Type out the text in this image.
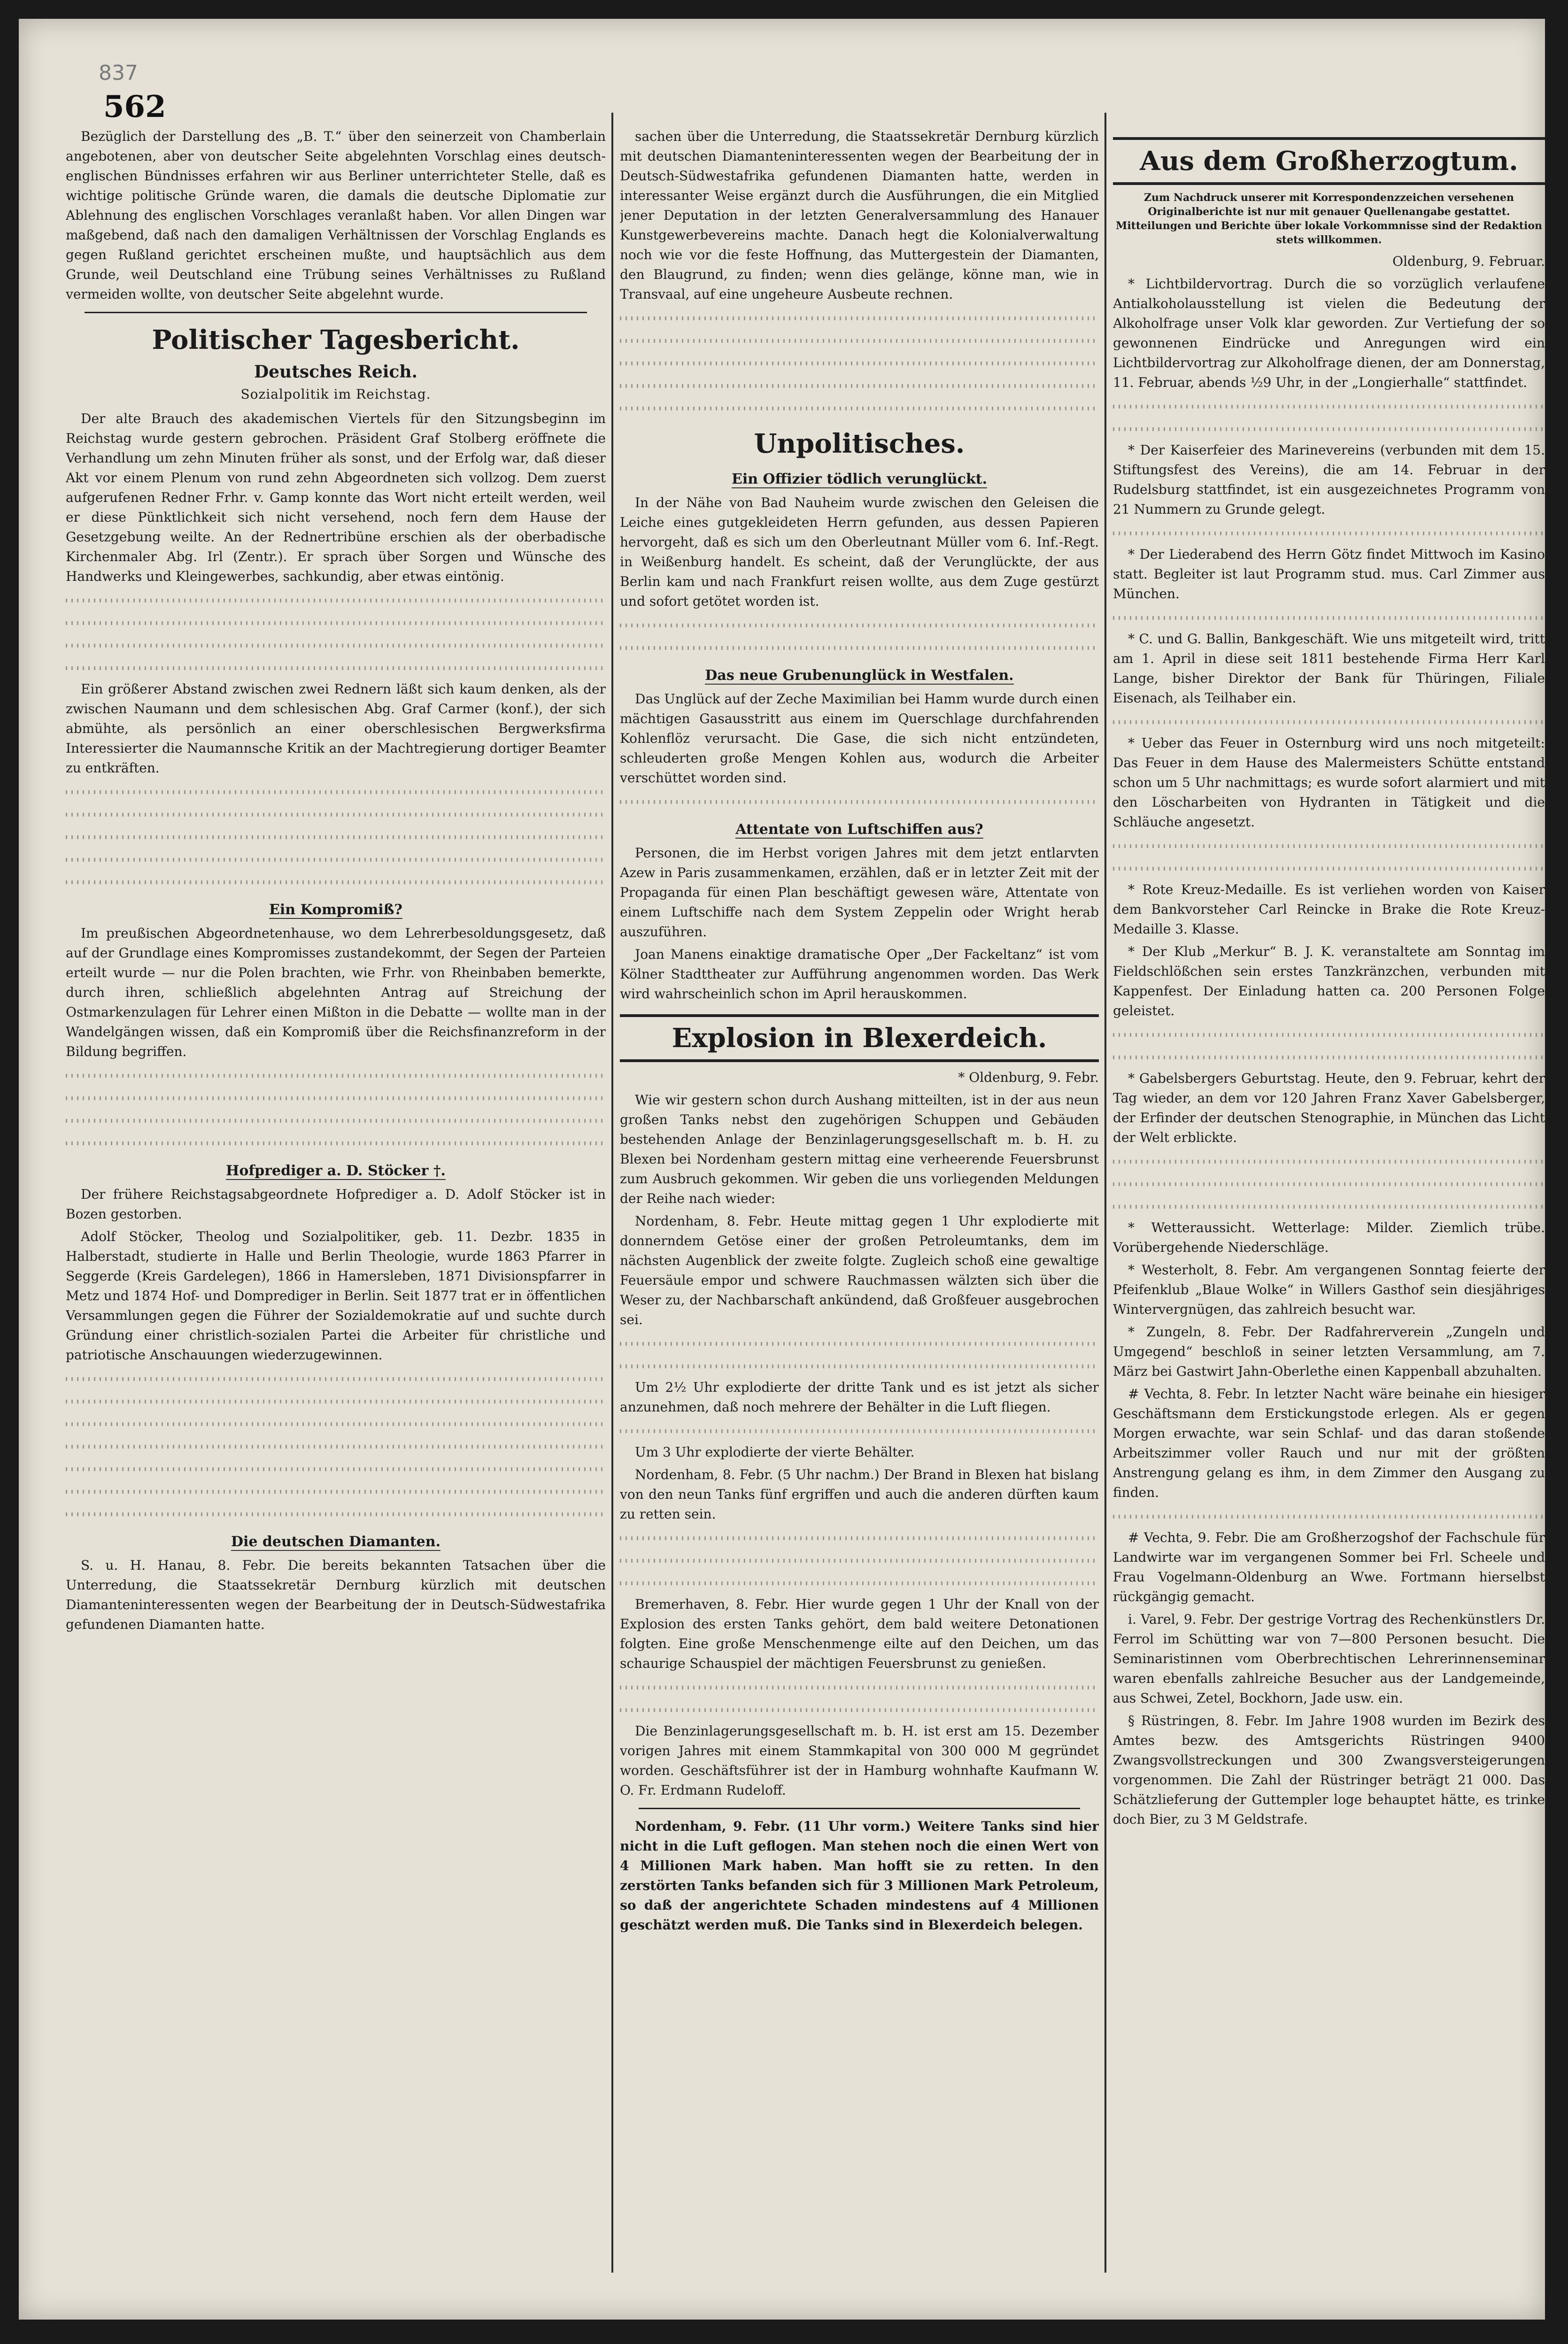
837
562

Bezüglich der Darstellung des „B. T.“ über den seinerzeit von Chamberlain angebotenen, aber von deutscher Seite abgelehnten Vorschlag eines deutsch-englischen Bündnisses erfahren wir aus Berliner unterrichteter Stelle, daß es wichtige politische Gründe waren, die damals die deutsche Diplomatie zur Ablehnung des englischen Vorschlages veranlaßt haben. Vor allen Dingen war maßgebend, daß nach den damaligen Verhältnissen der Vorschlag Englands es gegen Rußland gerichtet erscheinen mußte, und hauptsächlich aus dem Grunde, weil Deutschland eine Trübung seines Verhältnisses zu Rußland vermeiden wollte, von deutscher Seite abgelehnt wurde.

Politischer Tagesbericht.
Deutsches Reich.
Sozialpolitik im Reichstag.

Der alte Brauch des akademischen Viertels für den Sitzungsbeginn im Reichstag wurde gestern gebrochen. Präsident Graf Stolberg eröffnete die Verhandlung um zehn Minuten früher als sonst, und der Erfolg war, daß dieser Akt vor einem Plenum von rund zehn Abgeordneten sich vollzog. Dem zuerst aufgerufenen Redner Frhr. v. Gamp konnte das Wort nicht erteilt werden, weil er diese Pünktlichkeit sich nicht versehend, noch fern dem Hause der Gesetzgebung weilte. An der Rednertribüne erschien als der oberbadische Kirchenmaler Abg. Irl (Zentr.). Er sprach über Sorgen und Wünsche des Handwerks und Kleingewerbes, sachkundig, aber etwas eintönig.

Ein größerer Abstand zwischen zwei Rednern läßt sich kaum denken, als der zwischen Naumann und dem schlesischen Abg. Graf Carmer (konf.), der sich abmühte, als persönlich an einer oberschlesischen Bergwerksfirma Interessierter die Naumannsche Kritik an der Machtregierung dortiger Beamter zu entkräften.

Ein Kompromiß?

Im preußischen Abgeordnetenhause, wo dem Lehrerbesoldungsgesetz, daß auf der Grundlage eines Kompromisses zustandekommt, der Segen der Parteien erteilt wurde — nur die Polen brachten, wie Frhr. von Rheinbaben bemerkte, durch ihren, schließlich abgelehnten Antrag auf Streichung der Ostmarkenzulagen für Lehrer einen Mißton in die Debatte — wollte man in der Wandelgängen wissen, daß ein Kompromiß über die Reichsfinanzreform in der Bildung begriffen.

Hofprediger a. D. Stöcker †.

Der frühere Reichstagsabgeordnete Hofprediger a. D. Adolf Stöcker ist in Bozen gestorben.

Adolf Stöcker, Theolog und Sozialpolitiker, geb. 11. Dezbr. 1835 in Halberstadt, studierte in Halle und Berlin Theologie, wurde 1863 Pfarrer in Seggerde (Kreis Gardelegen), 1866 in Hamersleben, 1871 Divisionspfarrer in Metz und 1874 Hof- und Domprediger in Berlin. Seit 1877 trat er in öffentlichen Versammlungen gegen die Führer der Sozialdemokratie auf und suchte durch Gründung einer christlich-sozialen Partei die Arbeiter für christliche und patriotische Anschauungen wiederzugewinnen.

Die deutschen Diamanten.

S. u. H. Hanau, 8. Febr. Die bereits bekannten Tatsachen über die Unterredung, die Staatssekretär Dernburg kürzlich mit deutschen Diamanteninteressenten wegen der Bearbeitung der in Deutsch-Südwestafrika gefundenen Diamanten hatte.

sachen über die Unterredung, die Staatssekretär Dernburg kürzlich mit deutschen Diamanteninteressenten wegen der Bearbeitung der in Deutsch-Südwestafrika gefundenen Diamanten hatte, werden in interessanter Weise ergänzt durch die Ausführungen, die ein Mitglied jener Deputation in der letzten Generalversammlung des Hanauer Kunstgewerbevereins machte. Danach hegt die Kolonialverwaltung noch wie vor die feste Hoffnung, das Muttergestein der Diamanten, den Blaugrund, zu finden; wenn dies gelänge, könne man, wie in Transvaal, auf eine ungeheure Ausbeute rechnen.

Unpolitisches.
Ein Offizier tödlich verunglückt.

In der Nähe von Bad Nauheim wurde zwischen den Geleisen die Leiche eines gutgekleideten Herrn gefunden, aus dessen Papieren hervorgeht, daß es sich um den Oberleutnant Müller vom 6. Inf.-Regt. in Weißenburg handelt. Es scheint, daß der Verunglückte, der aus Berlin kam und nach Frankfurt reisen wollte, aus dem Zuge gestürzt und sofort getötet worden ist.

Das neue Grubenunglück in Westfalen.

Das Unglück auf der Zeche Maximilian bei Hamm wurde durch einen mächtigen Gasausstritt aus einem im Querschlage durchfahrenden Kohlenflöz verursacht. Die Gase, die sich nicht entzündeten, schleuderten große Mengen Kohlen aus, wodurch die Arbeiter verschüttet worden sind.

Attentate von Luftschiffen aus?

Personen, die im Herbst vorigen Jahres mit dem jetzt entlarvten Azew in Paris zusammenkamen, erzählen, daß er in letzter Zeit mit der Propaganda für einen Plan beschäftigt gewesen wäre, Attentate von einem Luftschiffe nach dem System Zeppelin oder Wright herab auszuführen.

Joan Manens einaktige dramatische Oper „Der Fackeltanz“ ist vom Kölner Stadttheater zur Aufführung angenommen worden. Das Werk wird wahrscheinlich schon im April herauskommen.

Explosion in Blexerdeich.
* Oldenburg, 9. Febr.

Wie wir gestern schon durch Aushang mitteilten, ist in der aus neun großen Tanks nebst den zugehörigen Schuppen und Gebäuden bestehenden Anlage der Benzinlagerungsgesellschaft m. b. H. zu Blexen bei Nordenham gestern mittag eine verheerende Feuersbrunst zum Ausbruch gekommen. Wir geben die uns vorliegenden Meldungen der Reihe nach wieder:

Nordenham, 8. Febr. Heute mittag gegen 1 Uhr explodierte mit donnerndem Getöse einer der großen Petroleumtanks, dem im nächsten Augenblick der zweite folgte. Zugleich schoß eine gewaltige Feuersäule empor und schwere Rauchmassen wälzten sich über die Weser zu, der Nachbarschaft ankündend, daß Großfeuer ausgebrochen sei.

Um 2½ Uhr explodierte der dritte Tank und es ist jetzt als sicher anzunehmen, daß noch mehrere der Behälter in die Luft fliegen.

Um 3 Uhr explodierte der vierte Behälter.

Nordenham, 8. Febr. (5 Uhr nachm.) Der Brand in Blexen hat bislang von den neun Tanks fünf ergriffen und auch die anderen dürften kaum zu retten sein.

Bremerhaven, 8. Febr. Hier wurde gegen 1 Uhr der Knall von der Explosion des ersten Tanks gehört, dem bald weitere Detonationen folgten. Eine große Menschenmenge eilte auf den Deichen, um das schaurige Schauspiel der mächtigen Feuersbrunst zu genießen.

Die Benzinlagerungsgesellschaft m. b. H. ist erst am 15. Dezember vorigen Jahres mit einem Stammkapital von 300 000 M gegründet worden. Geschäftsführer ist der in Hamburg wohnhafte Kaufmann W. O. Fr. Erdmann Rudeloff.

Nordenham, 9. Febr. (11 Uhr vorm.) Weitere Tanks sind hier nicht in die Luft geflogen. Man stehen noch die einen Wert von 4 Millionen Mark haben. Man hofft sie zu retten. In den zerstörten Tanks befanden sich für 3 Millionen Mark Petroleum, so daß der angerichtete Schaden mindestens auf 4 Millionen geschätzt werden muß. Die Tanks sind in Blexerdeich belegen.

Aus dem Großherzogtum.
Zum Nachdruck unserer mit Korrespondenzzeichen versehenen Originalberichte ist nur mit genauer Quellenangabe gestattet. Mitteilungen und Berichte über lokale Vorkommnisse sind der Redaktion stets willkommen.
Oldenburg, 9. Februar.

* Lichtbildervortrag. Durch die so vorzüglich verlaufene Antialkoholausstellung ist vielen die Bedeutung der Alkoholfrage unser Volk klar geworden. Zur Vertiefung der so gewonnenen Eindrücke und Anregungen wird ein Lichtbildervortrag zur Alkoholfrage dienen, der am Donnerstag, 11. Februar, abends ½9 Uhr, in der „Longierhalle“ stattfindet.

* Der Kaiserfeier des Marinevereins (verbunden mit dem 15. Stiftungsfest des Vereins), die am 14. Februar in der Rudelsburg stattfindet, ist ein ausgezeichnetes Programm von 21 Nummern zu Grunde gelegt.

* Der Liederabend des Herrn Götz findet Mittwoch im Kasino statt. Begleiter ist laut Programm stud. mus. Carl Zimmer aus München.

* C. und G. Ballin, Bankgeschäft. Wie uns mitgeteilt wird, tritt am 1. April in diese seit 1811 bestehende Firma Herr Karl Lange, bisher Direktor der Bank für Thüringen, Filiale Eisenach, als Teilhaber ein.

* Ueber das Feuer in Osternburg wird uns noch mitgeteilt: Das Feuer in dem Hause des Malermeisters Schütte entstand schon um 5 Uhr nachmittags; es wurde sofort alarmiert und mit den Löscharbeiten von Hydranten in Tätigkeit und die Schläuche angesetzt.

* Rote Kreuz-Medaille. Es ist verliehen worden von Kaiser dem Bankvorsteher Carl Reincke in Brake die Rote Kreuz-Medaille 3. Klasse.

* Der Klub „Merkur“ B. J. K. veranstaltete am Sonntag im Fieldschlößchen sein erstes Tanzkränzchen, verbunden mit Kappenfest. Der Einladung hatten ca. 200 Personen Folge geleistet.

* Gabelsbergers Geburtstag. Heute, den 9. Februar, kehrt der Tag wieder, an dem vor 120 Jahren Franz Xaver Gabelsberger, der Erfinder der deutschen Stenographie, in München das Licht der Welt erblickte.

* Wetteraussicht. Wetterlage: Milder. Ziemlich trübe. Vorübergehende Niederschläge.

* Westerholt, 8. Febr. Am vergangenen Sonntag feierte der Pfeifenklub „Blaue Wolke“ in Willers Gasthof sein diesjähriges Wintervergnügen, das zahlreich besucht war.

* Zungeln, 8. Febr. Der Radfahrerverein „Zungeln und Umgegend“ beschloß in seiner letzten Versammlung, am 7. März bei Gastwirt Jahn-Oberlethe einen Kappenball abzuhalten.

# Vechta, 8. Febr. In letzter Nacht wäre beinahe ein hiesiger Geschäftsmann dem Erstickungstode erlegen. Als er gegen Morgen erwachte, war sein Schlaf- und das daran stoßende Arbeitszimmer voller Rauch und nur mit der größten Anstrengung gelang es ihm, in dem Zimmer den Ausgang zu finden.

# Vechta, 9. Febr. Die am Großherzogshof der Fachschule für Landwirte war im vergangenen Sommer bei Frl. Scheele und Frau Vogelmann-Oldenburg an Wwe. Fortmann hierselbst rückgängig gemacht.

i. Varel, 9. Febr. Der gestrige Vortrag des Rechenkünstlers Dr. Ferrol im Schütting war von 7—800 Personen besucht. Die Seminaristinnen vom Oberbrechtischen Lehrerinnenseminar waren ebenfalls zahlreiche Besucher aus der Landgemeinde, aus Schwei, Zetel, Bockhorn, Jade usw. ein.

§ Rüstringen, 8. Febr. Im Jahre 1908 wurden im Bezirk des Amtes bezw. des Amtsgerichts Rüstringen 9400 Zwangsvollstreckungen und 300 Zwangsversteigerungen vorgenommen. Die Zahl der Rüstringer beträgt 21 000. Das Schätzlieferung der Guttempler loge behauptet hätte, es trinke doch Bier, zu 3 M Geldstrafe.
